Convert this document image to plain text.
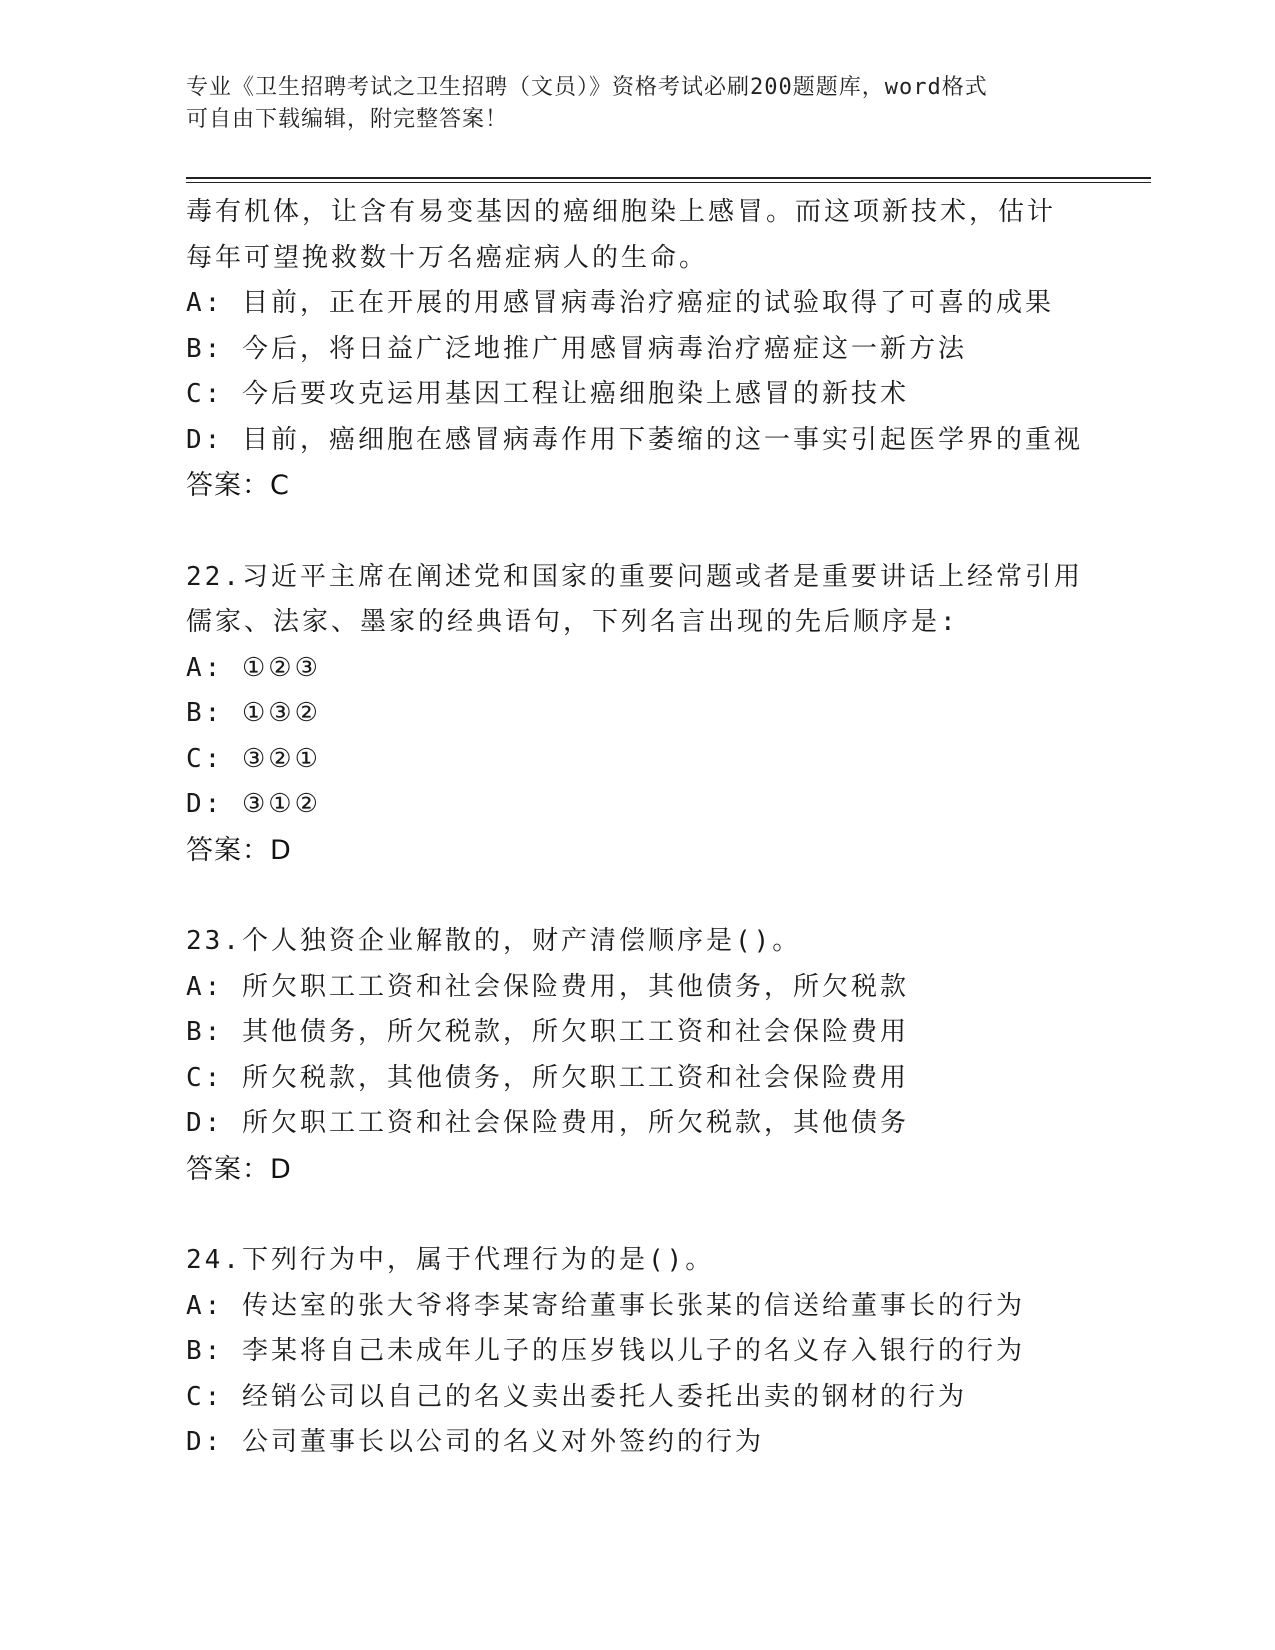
专业《卫生招聘考试之卫生招聘（文员）》资格考试必刷200题题库，word格式
可自由下载编辑，附完整答案！
毒有机体，让含有易变基因的癌细胞染上感冒。而这项新技术，估计
每年可望挽救数十万名癌症病人的生命。
A: 目前，正在开展的用感冒病毒治疗癌症的试验取得了可喜的成果
B: 今后，将日益广泛地推广用感冒病毒治疗癌症这一新方法
C: 今后要攻克运用基因工程让癌细胞染上感冒的新技术
D: 目前，癌细胞在感冒病毒作用下萎缩的这一事实引起医学界的重视
答案：C
22.习近平主席在阐述党和国家的重要问题或者是重要讲话上经常引用
儒家、法家、墨家的经典语句，下列名言出现的先后顺序是:
A: ①②③
B: ①③②
C: ③②①
D: ③①②
答案：D
23.个人独资企业解散的，财产清偿顺序是()。
A: 所欠职工工资和社会保险费用，其他债务，所欠税款
B: 其他债务，所欠税款，所欠职工工资和社会保险费用
C: 所欠税款，其他债务，所欠职工工资和社会保险费用
D: 所欠职工工资和社会保险费用，所欠税款，其他债务
答案：D
24.下列行为中，属于代理行为的是()。
A: 传达室的张大爷将李某寄给董事长张某的信送给董事长的行为
B: 李某将自己未成年儿子的压岁钱以儿子的名义存入银行的行为
C: 经销公司以自己的名义卖出委托人委托出卖的钢材的行为
D: 公司董事长以公司的名义对外签约的行为
